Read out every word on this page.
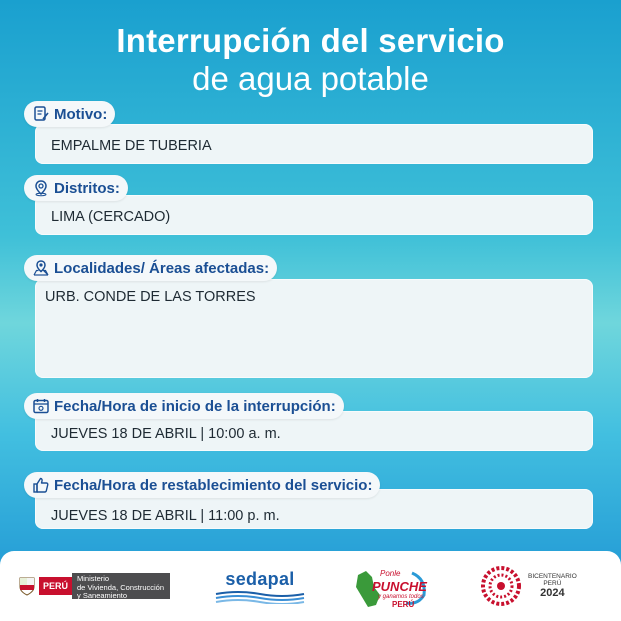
Interrupción del servicio
de agua potable
EMPALME DE TUBERIA
Motivo:
LIMA (CERCADO)
Distritos:
URB. CONDE DE LAS TORRES
Localidades/ Áreas afectadas:
JUEVES 18 DE ABRIL | 10:00 a. m.
Fecha/Hora de inicio de la interrupción:
JUEVES 18 DE ABRIL | 11:00 p. m.
Fecha/Hora de restablecimiento del servicio:
PERÚ
Ministerio
de Vivienda, Construcción
y Saneamiento
sedapal	Ponle
PUNCHE
y ganamos todos
PERÚ
BICENTENARIO
PERÚ
2024
